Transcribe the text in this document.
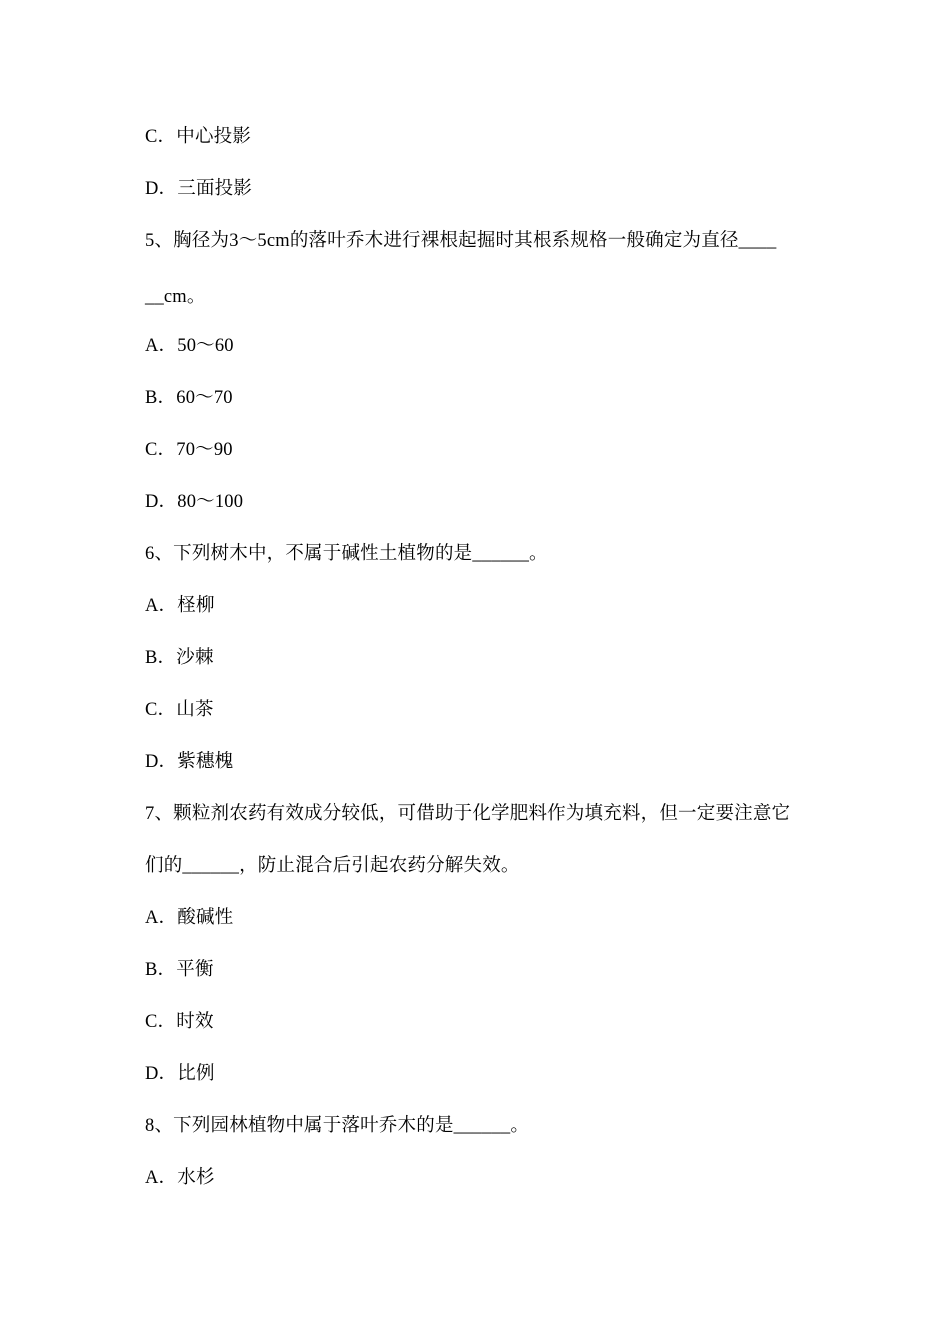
C．中心投影
D．三面投影
5、胸径为3～5cm的落叶乔木进行裸根起掘时其根系规格一般确定为直径____
__cm。
A．50～60
B．60～70
C．70～90
D．80～100
6、下列树木中，不属于碱性土植物的是______。
A．柽柳
B．沙棘
C．山茶
D．紫穗槐
7、颗粒剂农药有效成分较低，可借助于化学肥料作为填充料，但一定要注意它
们的______，防止混合后引起农药分解失效。
A．酸碱性
B．平衡
C．时效
D．比例
8、下列园林植物中属于落叶乔木的是______。
A．水杉
